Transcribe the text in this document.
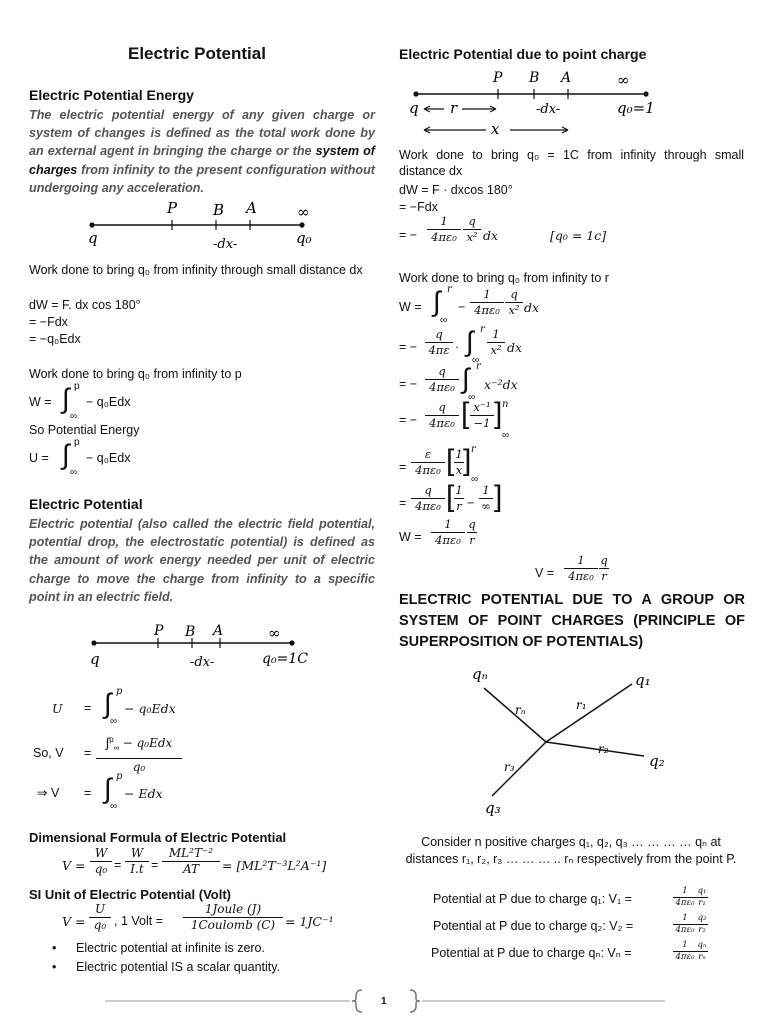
Electric Potential
Electric Potential Energy
The electric potential energy of any given charge or system of changes is defined as the total work done by an external agent in bringing the charge or the system of charges from infinity to the present configuration without undergoing any acceleration.
P B A	∞
q	-dx-	q₀
Work done to bring q₀ from infinity through small distance dx
dW = F. dx cos 180°
= −Fdx
= −q₀Edx
Work done to bring q₀ from infinity to p
W = ∫ p
∞
− q₀Edx
So Potential Energy
U = ∫ p
∞
− q₀Edx
Electric Potential
Electric potential (also called the electric field potential, potential drop, the electrostatic potential) is defined as the amount of work energy needed per unit of electric charge to move the charge from infinity to a specific point in an electric field.
P B A	∞
q	-dx-	q₀=1C
U = ∫ p
∞
− q₀Edx
So, V =
∫$^p_\infty$ − q₀Edx
q₀
⇒ V = ∫ p
∞
− Edx
Dimensional Formula of Electric Potential
V =
W
q₀ =
W
I.t =
ML²T⁻²
AT	= [ML²T⁻³L²A⁻¹]
SI Unit of Electric Potential (Volt)
V =
U
q₀ , 1 Volt =
1Joule (J)
1Coulomb (C) = 1JC⁻¹
• Electric potential at infinite is zero.
• Electric potential IS a scalar quantity.
Electric Potential due to point charge
P B A	∞
q r	-dx-	q₀=1
x
Work done to bring q₀ = 1C from infinity through small distance dx
dW = F · dxcos 180°
= −Fdx
= −
1
4πε₀
q
x² dx	[q₀ = 1c]
Work done to bring q₀ from infinity to r
W = ∫ r
∞
−
1
4πε₀
q
x² dx
= −
q
4πε · ∫ r
∞
1
x² dx
= −
q
4πε₀ ∫ r
∞
x⁻²dx
= −
q
4πε₀ [ x⁻¹
−1 ] n
∞
=
ε
4πε₀ [ 1
x ] r
∞
=
q
4πε₀ [ 1
r −
1
∞ ]
W =
1
4πε₀
q
r
V =
1
4πε₀
q
r
ELECTRIC POTENTIAL DUE TO A GROUP OR SYSTEM OF POINT CHARGES (PRINCIPLE OF SUPERPOSITION OF POTENTIALS)
qₙ	q₁
q₂
q₃
rₙ	r₁
r₂
r₃
Consider n positive charges q₁, q₂, q₃ … … … … qₙ at distances r₁, r₂, r₃ … … … .. rₙ respectively from the point P.
Potential at P due to charge q₁: V₁ =
1
4πε₀
q₁
r₁
Potential at P due to charge q₂: V₂ =
1
4πε₀
q₂
r₂
Potential at P due to charge qₙ: Vₙ =
1
4πε₀
qₙ
rₙ
1
